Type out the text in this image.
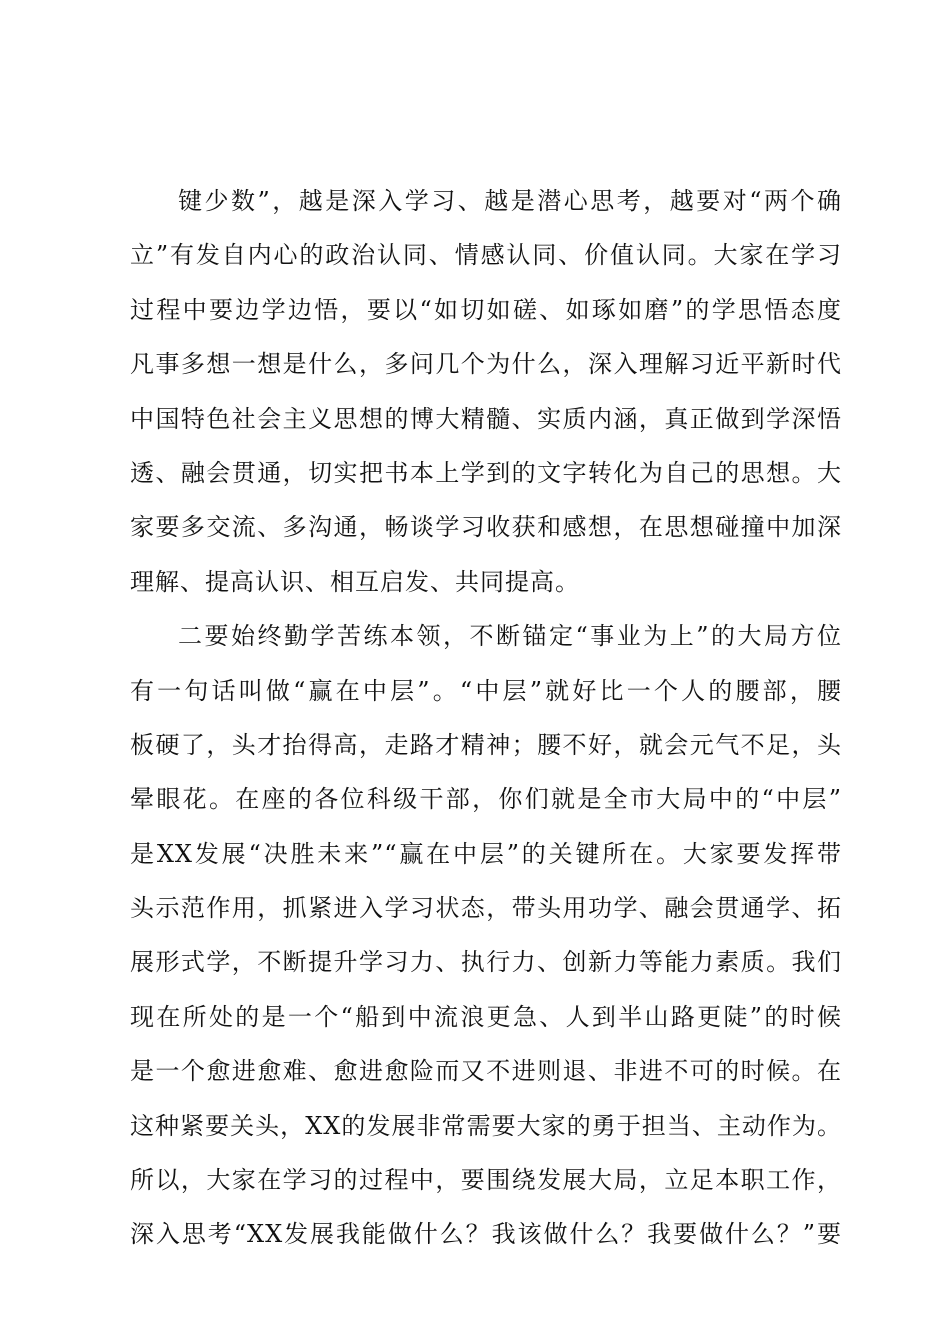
键少数”，越是深入学习、越是潜心思考，越要对“两个确
立”有发自内心的政治认同、情感认同、价值认同。大家在学习
过程中要边学边悟，要以“如切如磋、如琢如磨”的学思悟态度
凡事多想一想是什么，多问几个为什么，深入理解习近平新时代
中国特色社会主义思想的博大精髓、实质内涵，真正做到学深悟
透、融会贯通，切实把书本上学到的文字转化为自己的思想。大
家要多交流、多沟通，畅谈学习收获和感想，在思想碰撞中加深
理解、提高认识、相互启发、共同提高。
二要始终勤学苦练本领，不断锚定“事业为上”的大局方位
有一句话叫做“赢在中层”。“中层”就好比一个人的腰部，腰
板硬了，头才抬得高，走路才精神；腰不好，就会元气不足，头
晕眼花。在座的各位科级干部，你们就是全市大局中的“中层”
是XX发展“决胜未来”“赢在中层”的关键所在。大家要发挥带
头示范作用，抓紧进入学习状态，带头用功学、融会贯通学、拓
展形式学，不断提升学习力、执行力、创新力等能力素质。我们
现在所处的是一个“船到中流浪更急、人到半山路更陡”的时候
是一个愈进愈难、愈进愈险而又不进则退、非进不可的时候。在
这种紧要关头，XX的发展非常需要大家的勇于担当、主动作为。
所以，大家在学习的过程中，要围绕发展大局，立足本职工作，
深入思考“XX发展我能做什么？我该做什么？我要做什么？”要
